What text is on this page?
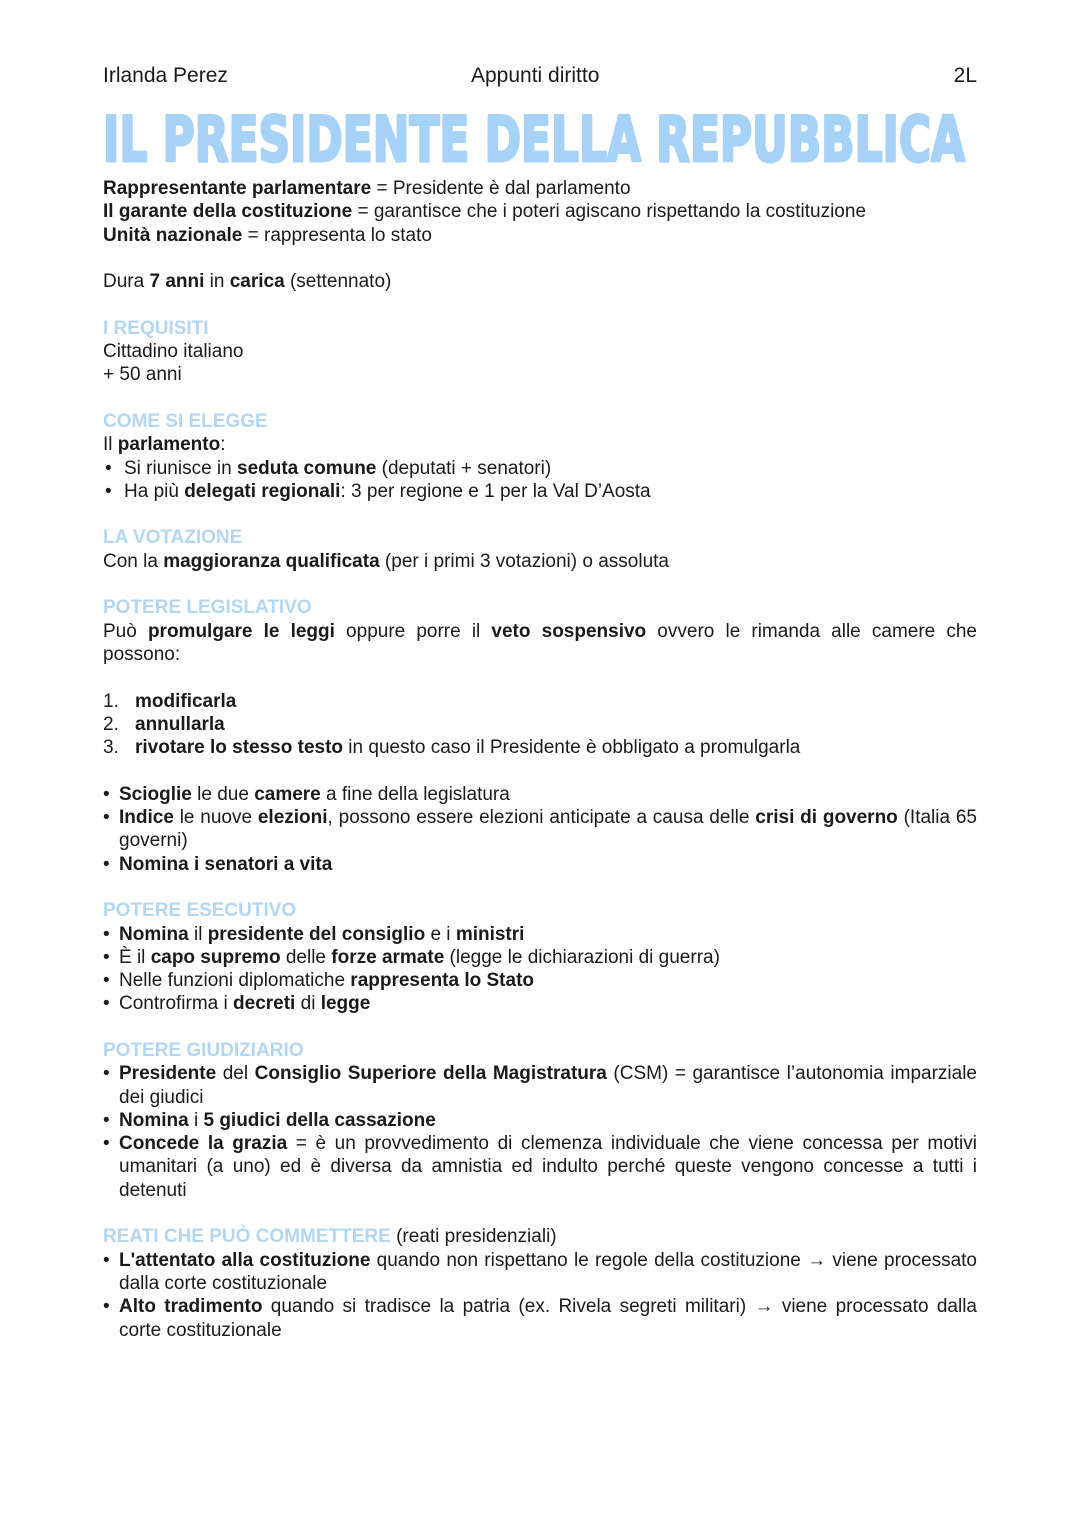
Irlanda Perez	Appunti diritto	2L
IL PRESIDENTE DELLA REPUBBLICA
Rappresentante parlamentare = Presidente è dal parlamento
Il garante della costituzione = garantisce che i poteri agiscano rispettando la costituzione
Unità nazionale = rappresenta lo stato
Dura 7 anni in carica (settennato)
I REQUISITI
Cittadino italiano
+ 50 anni
COME SI ELEGGE
Il parlamento:
• Si riunisce in seduta comune (deputati + senatori)
• Ha più delegati regionali: 3 per regione e 1 per la Val D’Aosta
LA VOTAZIONE
Con la maggioranza qualificata (per i primi 3 votazioni) o assoluta
POTERE LEGISLATIVO
Può promulgare le leggi oppure porre il veto sospensivo ovvero le rimanda alle camere che possono:
1. modificarla
2. annullarla
3. rivotare lo stesso testo in questo caso il Presidente è obbligato a promulgarla
• Scioglie le due camere a fine della legislatura
• Indice le nuove elezioni, possono essere elezioni anticipate a causa delle crisi di governo (Italia 65 governi)
• Nomina i senatori a vita
POTERE ESECUTIVO
• Nomina il presidente del consiglio e i ministri
• È il capo supremo delle forze armate (legge le dichiarazioni di guerra)
• Nelle funzioni diplomatiche rappresenta lo Stato
• Controfirma i decreti di legge
POTERE GIUDIZIARIO
• Presidente del Consiglio Superiore della Magistratura (CSM) = garantisce l’autonomia imparziale dei giudici
• Nomina i 5 giudici della cassazione
• Concede la grazia = è un provvedimento di clemenza individuale che viene concessa per motivi umanitari (a uno) ed è diversa da amnistia ed indulto perché queste vengono concesse a tutti i detenuti
REATI CHE PUÒ COMMETTERE (reati presidenziali)
• L'attentato alla costituzione quando non rispettano le regole della costituzione → viene processato dalla corte costituzionale
• Alto tradimento quando si tradisce la patria (ex. Rivela segreti militari) → viene processato dalla corte costituzionale
